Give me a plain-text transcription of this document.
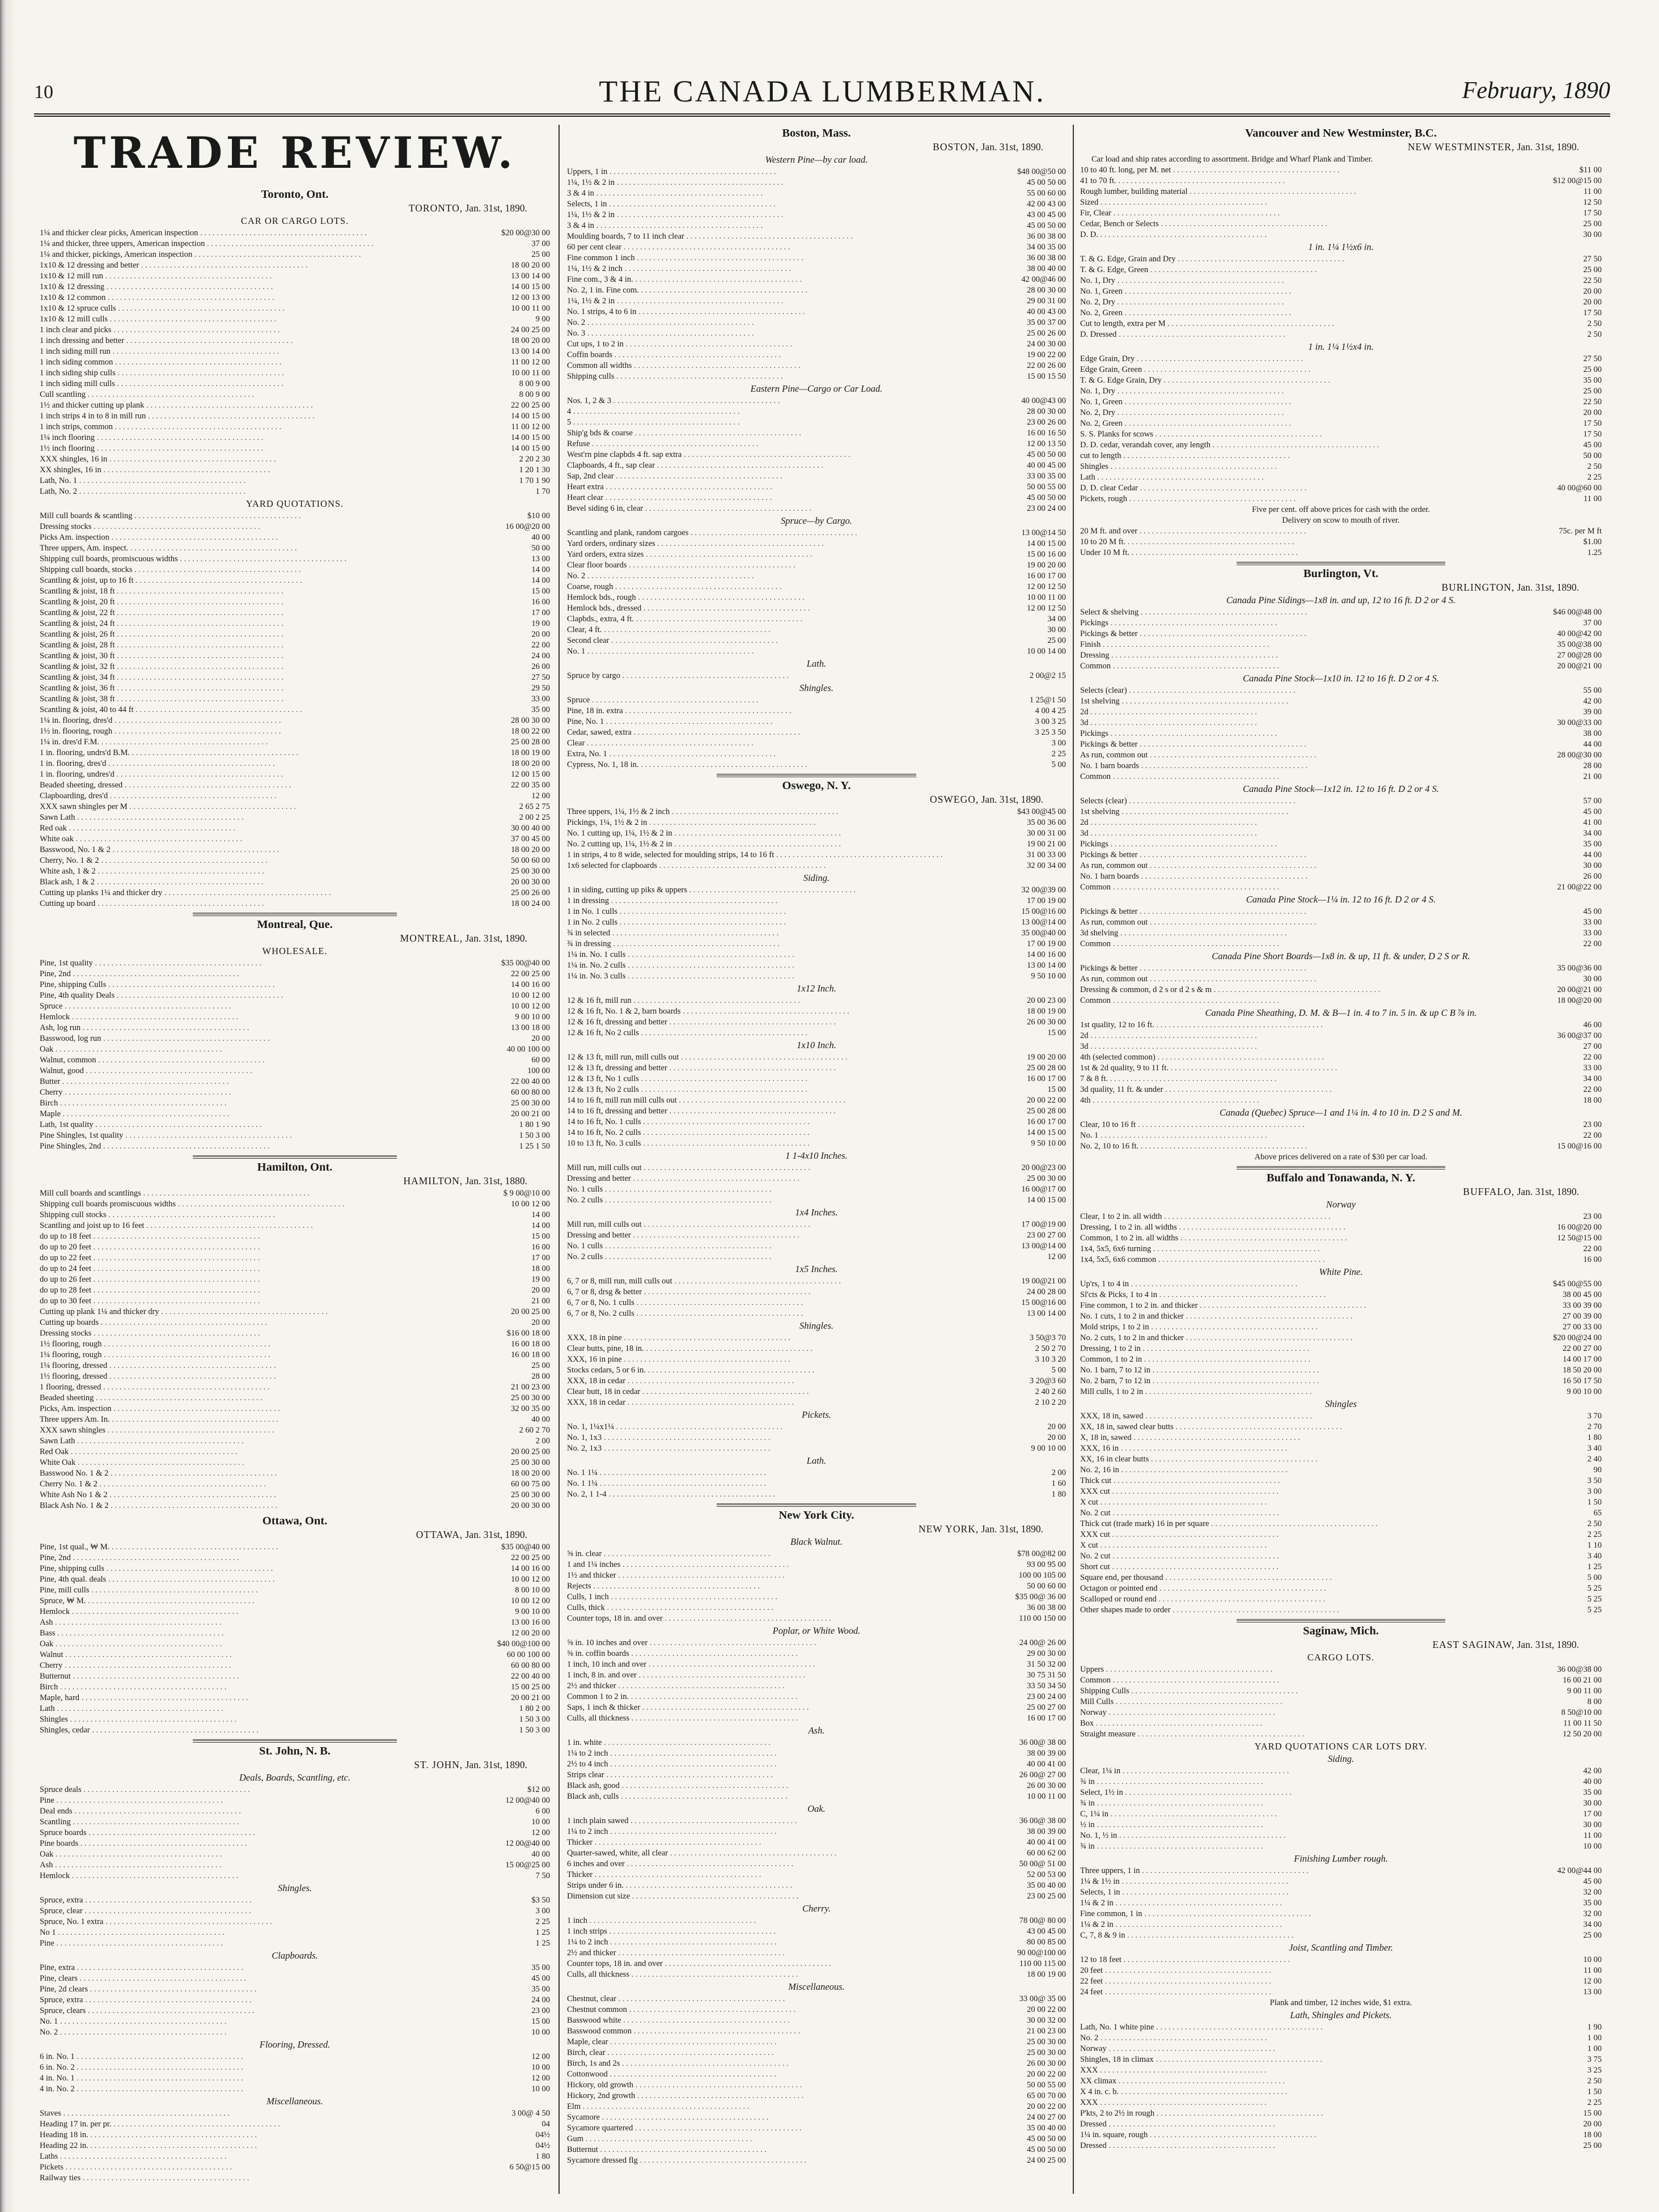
10	THE CANADA LUMBERMAN.	February, 1890
TRADE REVIEW.
Toronto, Ont.
TORONTO, Jan. 31st, 1890.
CAR OR CARGO LOTS.
1¼ and thicker clear picks, American inspection . . .	$20 00@30 00
1¼ and thicker, three uppers, American inspection . . .	37 00
1¼ and thicker, pickings, American inspection . . .	25 00
1x10 & 12 dressing and better . . .	18 00 20 00
1x10 & 12 mill run . . .	13 00 14 00
1x10 & 12 dressing . . .	14 00 15 00
1x10 & 12 common . . .	12 00 13 00
1x10 & 12 spruce culls . . .	10 00 11 00
1x10 & 12 mill culls . . .	9 00
1 inch clear and picks . . .	24 00 25 00
1 inch dressing and better . . .	18 00 20 00
1 inch siding mill run . . .	13 00 14 00
1 inch siding common . . .	11 00 12 00
1 inch siding ship culls . . .	10 00 11 00
1 inch siding mill culls . . .	8 00 9 00
Cull scantling . . .	8 00 9 00
1½ and thicker cutting up plank . . .	22 00 25 00
1 inch strips 4 in to 8 in mill run . . .	14 00 15 00
1 inch strips, common . . .	11 00 12 00
1¼ inch flooring . . .	14 00 15 00
1½ inch flooring . . .	14 00 15 00
XXX shingles, 16 in . . .	2 20 2 30
XX shingles, 16 in . . .	1 20 1 30
Lath, No. 1 . . .	1 70 1 90
Lath, No. 2 . . .	1 70
YARD QUOTATIONS.
Mill cull boards & scantling . . .	$10 00
Dressing stocks . . .	16 00@20 00
Picks Am. inspection . . .	40 00
Three uppers, Am. inspect. . . .	50 00
Shipping cull boards, promiscuous widths . . .	13 00
Shipping cull boards, stocks . . .	14 00
Scantling & joist, up to 16 ft . . .	14 00
Scantling & joist, 18 ft . . .	15 00
Scantling & joist, 20 ft . . .	16 00
Scantling & joist, 22 ft . . .	17 00
Scantling & joist, 24 ft . . .	19 00
Scantling & joist, 26 ft . . .	20 00
Scantling & joist, 28 ft . . .	22 00
Scantling & joist, 30 ft . . .	24 00
Scantling & joist, 32 ft . . .	26 00
Scantling & joist, 34 ft . . .	27 50
Scantling & joist, 36 ft . . .	29 50
Scantling & joist, 38 ft . . .	33 00
Scantling & joist, 40 to 44 ft . . .	35 00
1¼ in. flooring, dres'd . . .	28 00 30 00
1½ in. flooring, rough . . .	18 00 22 00
1¼ in. dres'd F.M. . . .	25 00 28 00
1 in. flooring, undrs'd B.M. . . .	18 00 19 00
1 in. flooring, dres'd . . .	18 00 20 00
1 in. flooring, undres'd . . .	12 00 15 00
Beaded sheeting, dressed . . .	22 00 35 00
Clapboarding, dres'd . . .	12 00
XXX sawn shingles per M . . .	2 65 2 75
Sawn Lath . . .	2 00 2 25
Red oak . . .	30 00 40 00
White oak . . .	37 00 45 00
Basswood, No. 1 & 2 . . .	18 00 20 00
Cherry, No. 1 & 2 . . .	50 00 60 00
White ash, 1 & 2 . . .	25 00 30 00
Black ash, 1 & 2 . . .	20 00 30 00
Cutting up planks 1¼ and thicker dry . . .	25 00 26 00
Cutting up board . . .	18 00 24 00
Montreal, Que.
MONTREAL, Jan. 31st, 1890.
WHOLESALE.
Pine, 1st quality . . .	$35 00@40 00
Pine, 2nd . . .	22 00 25 00
Pine, shipping Culls . . .	14 00 16 00
Pine, 4th quality Deals . . .	10 00 12 00
Spruce . . .	10 00 12 00
Hemlock . . .	9 00 10 00
Ash, log run . . .	13 00 18 00
Basswood, log run . . .	20 00
Oak . . .	40 00 100 00
Walnut, common . . .	60 00
Walnut, good . . .	100 00
Butter . . .	22 00 40 00
Cherry . . .	60 00 80 00
Birch . . .	25 00 30 00
Maple . . .	20 00 21 00
Lath, 1st quality . . .	1 80 1 90
Pine Shingles, 1st quality . . .	1 50 3 00
Pine Shingles, 2nd . . .	1 25 1 50
Hamilton, Ont.
HAMILTON, Jan. 31st, 1880.
Mill cull boards and scantlings . . .	$ 9 00@10 00
Shipping cull boards promiscuous widths . . .	10 00 12 00
Shipping cull stocks . . .	14 00
Scantling and joist up to 16 feet . . .	14 00
do up to 18 feet . . .	15 00
do up to 20 feet . . .	16 00
do up to 22 feet . . .	17 00
do up to 24 feet . . .	18 00
do up to 26 feet . . .	19 00
do up to 28 feet . . .	20 00
do up to 30 feet . . .	21 00
Cutting up plank 1¼ and thicker dry . . .	20 00 25 00
Cutting up boards . . .	20 00
Dressing stocks . . .	$16 00 18 00
1½ flooring, rough . . .	16 00 18 00
1¼ flooring, rough . . .	16 00 18 00
1¼ flooring, dressed . . .	25 00
1½ flooring, dressed . . .	28 00
1 flooring, dressed . . .	21 00 23 00
Beaded sheeting . . .	25 00 30 00
Picks, Am. inspection . . .	32 00 35 00
Three uppers Am. In. . . .	40 00
XXX sawn shingles . . .	2 60 2 70
Sawn Lath . . .	2 00
Red Oak . . .	20 00 25 00
White Oak . . .	25 00 30 00
Basswood No. 1 & 2 . . .	18 00 20 00
Cherry No. 1 & 2 . . .	60 00 75 00
White Ash No 1 & 2 . . .	25 00 30 00
Black Ash No. 1 & 2 . . .	20 00 30 00
Ottawa, Ont.
OTTAWA, Jan. 31st, 1890.
Pine, 1st qual., ₩ M. . . .	$35 00@40 00
Pine, 2nd . . .	22 00 25 00
Pine, shipping culls . . .	14 00 16 00
Pine, 4th qual. deals . . .	10 00 12 00
Pine, mill culls . . .	8 00 10 00
Spruce, ₩ M. . . .	10 00 12 00
Hemlock . . .	9 00 10 00
Ash . . .	13 00 16 00
Bass . . .	12 00 20 00
Oak . . .	$40 00@100 00
Walnut . . .	60 00 100 00
Cherry . . .	60 00 80 00
Butternut . . .	22 00 40 00
Birch . . .	15 00 25 00
Maple, hard . . .	20 00 21 00
Lath . . .	1 80 2 00
Shingles . . .	1 50 3 00
Shingles, cedar . . .	1 50 3 00
St. John, N. B.
ST. JOHN, Jan. 31st, 1890.
Deals, Boards, Scantling, etc.
Spruce deals . . .	$12 00
Pine . . .	12 00@40 00
Deal ends . . .	6 00
Scantling . . .	10 00
Spruce boards . . .	12 00
Pine boards . . .	12 00@40 00
Oak . . .	40 00
Ash . . .	15 00@25 00
Hemlock . . .	7 50
Shingles.
Spruce, extra . . .	$3 50
Spruce, clear . . .	3 00
Spruce, No. 1 extra . . .	2 25
No 1 . . .	1 25
Pine . . .	1 25
Clapboards.
Pine, extra . . .	35 00
Pine, clears . . .	45 00
Pine, 2d clears . . .	35 00
Spruce, extra . . .	24 00
Spruce, clears . . .	23 00
No. 1 . . .	15 00
No. 2 . . .	10 00
Flooring, Dressed.
6 in. No. 1 . . .	12 00
6 in. No. 2 . . .	10 00
4 in. No. 1 . . .	12 00
4 in. No. 2 . . .	10 00
Miscellaneous.
Staves . . .	3 00@ 4 50
Heading 17 in. per pr. . . .	04
Heading 18 in. . . .	04½
Heading 22 in. . . .	04½
Laths . . .	1 80
Pickets . . .	6 50@15 00
Railway ties . . .
Boston, Mass.
BOSTON, Jan. 31st, 1890.
Western Pine—by car load.
Uppers, 1 in . . .	$48 00@50 00
1¼, 1½ & 2 in . . .	45 00 50 00
3 & 4 in . . .	55 00 60 00
Selects, 1 in . . .	42 00 43 00
1¼, 1½ & 2 in . . .	43 00 45 00
3 & 4 in . . .	45 00 50 00
Moulding boards, 7 to 11 inch clear . . .	36 00 38 00
60 per cent clear . . .	34 00 35 00
Fine common 1 inch . . .	36 00 38 00
1¼, 1½ & 2 inch . . .	38 00 40 00
Fine com., 3 & 4 in. . . .	42 00@46 00
No. 2, 1 in. Fine com. . . .	28 00 30 00
1¼, 1½ & 2 in . . .	29 00 31 00
No. 1 strips, 4 to 6 in . . .	40 00 43 00
No. 2 . . .	35 00 37 00
No. 3 . . .	25 00 26 00
Cut ups, 1 to 2 in . . .	24 00 30 00
Coffin boards . . .	19 00 22 00
Common all widths . . .	22 00 26 00
Shipping culls . . .	15 00 15 50
Eastern Pine—Cargo or Car Load.
Nos. 1, 2 & 3 . . .	40 00@43 00
4 . . .	28 00 30 00
5 . . .	23 00 26 00
Ship'g bds & coarse . . .	16 00 16 50
Refuse . . .	12 00 13 50
West'rn pine clapbds 4 ft. sap extra . . .	45 00 50 00
Clapboards, 4 ft., sap clear . . .	40 00 45 00
Sap, 2nd clear . . .	33 00 35 00
Heart extra . . .	50 00 55 00
Heart clear . . .	45 00 50 00
Bevel siding 6 in, clear . . .	23 00 24 00
Spruce—by Cargo.
Scantling and plank, random cargoes . . .	13 00@14 50
Yard orders, ordinary sizes . . .	14 00 15 00
Yard orders, extra sizes . . .	15 00 16 00
Clear floor boards . . .	19 00 20 00
No. 2 . . .	16 00 17 00
Coarse, rough . . .	12 00 12 50
Hemlock bds., rough . . .	10 00 11 00
Hemlock bds., dressed . . .	12 00 12 50
Clapbds., extra, 4 ft. . . .	34 00
Clear, 4 ft. . . .	30 00
Second clear . . .	25 00
No. 1 . . .	10 00 14 00
Lath.
Spruce by cargo . . .	2 00@2 15
Shingles.
Spruce . . .	1 25@1 50
Pine, 18 in. extra . . .	4 00 4 25
Pine, No. 1 . . .	3 00 3 25
Cedar, sawed, extra . . .	3 25 3 50
Clear . . .	3 00
Extra, No. 1 . . .	2 25
Cypress, No. 1, 18 in. . . .	5 00
Oswego, N. Y.
OSWEGO, Jan. 31st, 1890.
Three uppers, 1¼, 1½ & 2 inch . . .	$43 00@45 00
Pickings, 1¼, 1½ & 2 in . . .	35 00 36 00
No. 1 cutting up, 1¼, 1½ & 2 in . . .	30 00 31 00
No. 2 cutting up, 1¼, 1½ & 2 in . . .	19 00 21 00
1 in strips, 4 to 8 wide, selected for moulding strips, 14 to 16 ft . . .	31 00 33 00
1x6 selected for clapboards . . .	32 00 34 00
Siding.
1 in siding, cutting up piks & uppers . . .	32 00@39 00
1 in dressing . . .	17 00 19 00
1 in No. 1 culls . . .	15 00@16 00
1 in No. 2 culls . . .	13 00@14 00
¾ in selected . . .	35 00@40 00
¾ in dressing . . .	17 00 19 00
1¼ in. No. 1 culls . . .	14 00 16 00
1¼ in. No. 2 culls . . .	13 00 14 00
1¼ in. No. 3 culls . . .	9 50 10 00
1x12 Inch.
12 & 16 ft, mill run . . .	20 00 23 00
12 & 16 ft, No. 1 & 2, barn boards . . .	18 00 19 00
12 & 16 ft, dressing and better . . .	26 00 30 00
12 & 16 ft, No 2 culls . . .	15 00
1x10 Inch.
12 & 13 ft, mill run, mill culls out . . .	19 00 20 00
12 & 13 ft, dressing and better . . .	25 00 28 00
12 & 13 ft, No 1 culls . . .	16 00 17 00
12 & 13 ft, No 2 culls . . .	15 00
14 to 16 ft, mill run mill culls out . . .	20 00 22 00
14 to 16 ft, dressing and better . . .	25 00 28 00
14 to 16 ft, No. 1 culls . . .	16 00 17 00
14 to 16 ft, No. 2 culls . . .	14 00 15 00
10 to 13 ft, No. 3 culls . . .	9 50 10 00
1 1-4x10 Inches.
Mill run, mill culls out . . .	20 00@23 00
Dressing and better . . .	25 00 30 00
No. 1 culls . . .	16 00@17 00
No. 2 culls . . .	14 00 15 00
1x4 Inches.
Mill run, mill culls out . . .	17 00@19 00
Dressing and better . . .	23 00 27 00
No. 1 culls . . .	13 00@14 00
No. 2 culls . . .	12 00
1x5 Inches.
6, 7 or 8, mill run, mill culls out . . .	19 00@21 00
6, 7 or 8, drsg & better . . .	24 00 28 00
6, 7 or 8, No. 1 culls . . .	15 00@16 00
6, 7 or 8, No. 2 culls . . .	13 00 14 00
Shingles.
XXX, 18 in pine . . .	3 50@3 70
Clear butts, pine, 18 in. . . .	2 50 2 70
XXX, 16 in pine . . .	3 10 3 20
Stocks cedars, 5 or 6 in. . . .	5 00
XXX, 18 in cedar . . .	3 20@3 60
Clear butt, 18 in cedar . . .	2 40 2 60
XXX, 18 in cedar . . .	2 10 2 20
Pickets.
No. 1, 1¼x1¼ . . .	20 00
No. 1, 1x3 . . .	20 00
No. 2, 1x3 . . .	9 00 10 00
Lath.
No. 1 1¼ . . .	2 00
No. 1 1¼ . . .	1 60
No. 2, 1 1-4 . . .	1 80
New York City.
NEW YORK, Jan. 31st, 1890.
Black Walnut.
⅝ in. clear . . .	$78 00@82 00
1 and 1¼ inches . . .	93 00 95 00
1½ and thicker . . .	100 00 105 00
Rejects . . .	50 00 60 00
Culls, 1 inch . . .	$35 00@ 36 00
Culls, thick . . .	36 00 38 00
Counter tops, 18 in. and over . . .	110 00 150 00
Poplar, or White Wood.
⅝ in. 10 inches and over . . .	24 00@ 26 00
⅝ in. coffin boards . . .	29 00 30 00
1 inch, 10 inch and over . . .	31 50 32 00
1 inch, 8 in. and over . . .	30 75 31 50
2½ and thicker . . .	33 50 34 50
Common 1 to 2 in. . . .	23 00 24 00
Saps, 1 inch & thicker . . .	25 00 27 00
Culls, all thickness . . .	16 00 17 00
Ash.
1 in. white . . .	36 00@ 38 00
1¼ to 2 inch . . .	38 00 39 00
2½ to 4 inch . . .	40 00 41 00
Strips clear . . .	26 00@ 27 00
Black ash, good . . .	26 00 30 00
Black ash, culls . . .	10 00 11 00
Oak.
1 inch plain sawed . . .	36 00@ 38 00
1¼ to 2 inch . . .	38 00 39 00
Thicker . . .	40 00 41 00
Quarter-sawed, white, all clear . . .	60 00 62 00
6 inches and over . . .	50 00@ 51 00
Thicker . . .	52 00 53 00
Strips under 6 in. . . .	35 00 40 00
Dimension cut size . . .	23 00 25 00
Cherry.
1 inch . . .	78 00@ 80 00
1 inch strips . . .	43 00 45 00
1¼ to 2 inch . . .	80 00 85 00
2½ and thicker . . .	90 00@100 00
Counter tops, 18 in. and over . . .	110 00 115 00
Culls, all thickness . . .	18 00 19 00
Miscellaneous.
Chestnut, clear . . .	33 00@ 35 00
Chestnut common . . .	20 00 22 00
Basswood white . . .	30 00 32 00
Basswood common . . .	21 00 23 00
Maple, clear . . .	25 00 30 00
Birch, clear . . .	25 00 30 00
Birch, 1s and 2s . . .	26 00 30 00
Cottonwood . . .	20 00 22 00
Hickory, old growth . . .	50 00 55 00
Hickory, 2nd growth . . .	65 00 70 00
Elm . . .	20 00 22 00
Sycamore . . .	24 00 27 00
Sycamore quartered . . .	35 00 40 00
Gum . . .	45 00 50 00
Butternut . . .	45 00 50 00
Sycamore dressed flg . . .	24 00 25 00
Vancouver and New Westminster, B.C.
NEW WESTMINSTER, Jan. 31st, 1890.
Car load and ship rates according to assortment. Bridge and Wharf Plank and Timber.
10 to 40 ft. long, per M. net . . .	$11 00
41 to 70 ft. . . .	$12 00@15 00
Rough lumber, building material . . .	11 00
Sized . . .	12 50
Fir, Clear . . .	17 50
Cedar, Bench or Selects . . .	25 00
D. D. . . .	30 00
1 in. 1¼ 1½x6 in.
T. & G. Edge, Grain and Dry . . .	27 50
T. & G. Edge, Green . . .	25 00
No. 1, Dry . . .	22 50
No. 1, Green . . .	20 00
No. 2, Dry . . .	20 00
No. 2, Green . . .	17 50
Cut to length, extra per M . . .	2 50
D. Dressed . . .	2 50
1 in. 1¼ 1½x4 in.
Edge Grain, Dry . . .	27 50
Edge Grain, Green . . .	25 00
T. & G. Edge Grain, Dry . . .	35 00
No. 1, Dry . . .	25 00
No. 1, Green . . .	22 50
No. 2, Dry . . .	20 00
No. 2, Green . . .	17 50
S. S. Planks for scows . . .	17 50
D. D. cedar, verandah cover, any length . . .	45 00
cut to length . . .	50 00
Shingles . . .	2 50
Lath . . .	2 25
D. D. clear Cedar . . .	40 00@60 00
Pickets, rough . . .	11 00
Five per cent. off above prices for cash with the order.
Delivery on scow to mouth of river.
20 M ft. and over . . .	75c. per M ft
10 to 20 M ft. . . .	$1.00
Under 10 M ft. . . .	1.25
Burlington, Vt.
BURLINGTON, Jan. 31st, 1890.
Canada Pine Sidings—1x8 in. and up, 12 to 16 ft. D 2 or 4 S.
Select & shelving . . .	$46 00@48 00
Pickings . . .	37 00
Pickings & better . . .	40 00@42 00
Finish . . .	35 00@38 00
Dressing . . .	27 00@28 00
Common . . .	20 00@21 00
Canada Pine Stock—1x10 in. 12 to 16 ft. D 2 or 4 S.
Selects (clear) . . .	55 00
1st shelving . . .	42 00
2d . . .	39 00
3d . . .	30 00@33 00
Pickings . . .	38 00
Pickings & better . . .	44 00
As run, common out . . .	28 00@30 00
No. 1 barn boards . . .	28 00
Common . . .	21 00
Canada Pine Stock—1x12 in. 12 to 16 ft. D 2 or 4 S.
Selects (clear) . . .	57 00
1st shelving . . .	45 00
2d . . .	41 00
3d . . .	34 00
Pickings . . .	35 00
Pickings & better . . .	44 00
As run, common out . . .	30 00
No. 1 barn boards . . .	26 00
Common . . .	21 00@22 00
Canada Pine Stock—1¼ in. 12 to 16 ft. D 2 or 4 S.
Pickings & better . . .	45 00
As run, common out . . .	33 00
3d shelving . . .	33 00
Common . . .	22 00
Canada Pine Short Boards—1x8 in. & up, 11 ft. & under, D 2 S or R.
Pickings & better . . .	35 00@36 00
As run, common out . . .	30 00
Dressing & common, d 2 s or d 2 s & m . . .	20 00@21 00
Common . . .	18 00@20 00
Canada Pine Sheathing, D. M. & B—1 in. 4 to 7 in. 5 in. & up C B ⅞ in.
1st quality, 12 to 16 ft. . . .	46 00
2d . . .	36 00@37 00
3d . . .	27 00
4th (selected common) . . .	22 00
1st & 2d quality, 9 to 11 ft. . . .	33 00
7 & 8 ft. . . .	34 00
3d quality, 11 ft. & under . . .	22 00
4th . . .	18 00
Canada (Quebec) Spruce—1 and 1¼ in. 4 to 10 in. D 2 S and M.
Clear, 10 to 16 ft . . .	23 00
No. 1 . . .	22 00
No. 2, 10 to 16 ft. . . .	15 00@16 00
Above prices delivered on a rate of $30 per car load.
Buffalo and Tonawanda, N. Y.
BUFFALO, Jan. 31st, 1890.
Norway
Clear, 1 to 2 in. all width . . .	23 00
Dressing, 1 to 2 in. all widths . . .	16 00@20 00
Common, 1 to 2 in. all widths . . .	12 50@15 00
1x4, 5x5, 6x6 turning . . .	22 00
1x4, 5x5, 6x6 common . . .	16 00
White Pine.
Up'rs, 1 to 4 in . . .	$45 00@55 00
Sl'cts & Picks, 1 to 4 in . . .	38 00 45 00
Fine common, 1 to 2 in. and thicker . . .	33 00 39 00
No. 1 cuts, 1 to 2 in and thicker . . .	27 00 39 00
Mold strips, 1 to 2 in . . .	27 00 33 00
No. 2 cuts, 1 to 2 in and thicker . . .	$20 00@24 00
Dressing, 1 to 2 in . . .	22 00 27 00
Common, 1 to 2 in . . .	14 00 17 00
No. 1 barn, 7 to 12 in . . .	18 50 20 00
No. 2 barn, 7 to 12 in . . .	16 50 17 50
Mill culls, 1 to 2 in . . .	9 00 10 00
Shingles
XXX, 18 in, sawed . . .	3 70
XX, 18 in, sawed clear butts . . .	2 70
X, 18 in, sawed . . .	1 80
XXX, 16 in . . .	3 40
XX, 16 in clear butts . . .	2 40
No. 2, 16 in . . .	90
Thick cut . . .	3 50
XXX cut . . .	3 00
X cut . . .	1 50
No. 2 cut . . .	65
Thick cut (trade mark) 16 in per square . . .	2 50
XXX cut . . .	2 25
X cut . . .	1 10
No. 2 cut . . .	3 40
Short cut . . .	1 25
Square end, per thousand . . .	5 00
Octagon or pointed end . . .	5 25
Scalloped or round end . . .	5 25
Other shapes made to order . . .	5 25
Saginaw, Mich.
EAST SAGINAW, Jan. 31st, 1890.
CARGO LOTS.
Uppers . . .	36 00@38 00
Common . . .	16 00 21 00
Shipping Culls . . .	9 00 11 00
Mill Culls . . .	8 00
Norway . . .	8 50@10 00
Box . . .	11 00 11 50
Straight measure . . .	12 50 20 00
YARD QUOTATIONS CAR LOTS DRY.
Siding.
Clear, 1¼ in . . .	42 00
¾ in . . .	40 00
Select, 1½ in . . .	35 00
¾ in . . .	30 00
C, 1¼ in . . .	17 00
½ in . . .	30 00
No. 1, ½ in . . .	11 00
¾ in . . .	10 00
Finishing Lumber rough.
Three uppers, 1 in . . .	42 00@44 00
1¼ & 1½ in . . .	45 00
Selects, 1 in . . .	32 00
1¼ & 2 in . . .	35 00
Fine common, 1 in . . .	32 00
1¼ & 2 in . . .	34 00
C, 7, 8 & 9 in . . .	25 00
Joist, Scantling and Timber.
12 to 18 feet . . .	10 00
20 feet . . .	11 00
22 feet . . .	12 00
24 feet . . .	13 00
Plank and timber, 12 inches wide, $1 extra.
Lath, Shingles and Pickets.
Lath, No. 1 white pine . . .	1 90
No. 2 . . .	1 00
Norway . . .	1 00
Shingles, 18 in climax . . .	3 75
XXX . . .	3 25
XX climax . . .	2 50
X 4 in. c. b. . . .	1 50
XXX . . .	2 25
P'kts, 2 to 2½ in rough . . .	15 00
Dressed . . .	20 00
1¼ in. square, rough . . .	18 00
Dressed . . .	25 00
